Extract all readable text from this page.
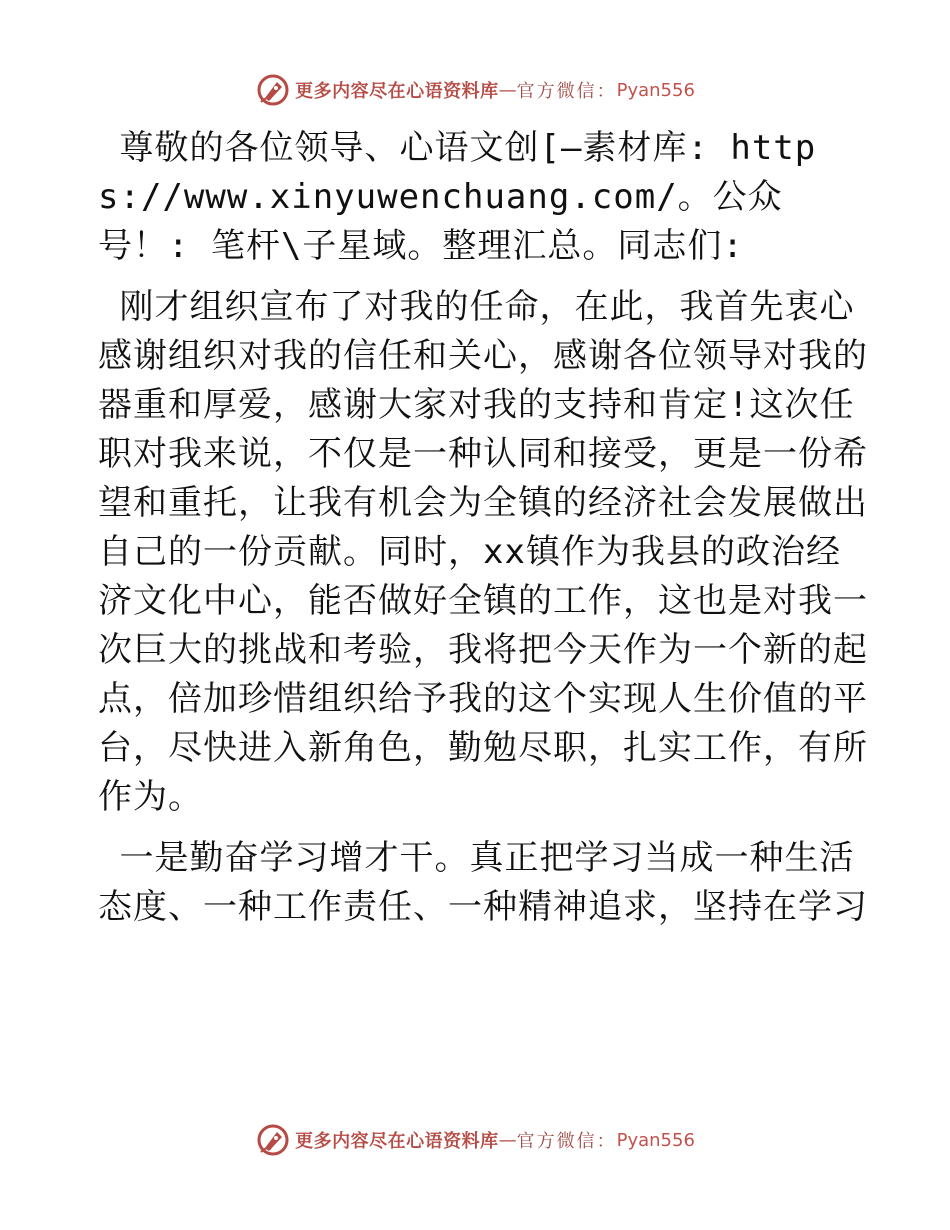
更多内容尽在心语资料库 — 官方微信： Pyan556

尊敬的各位领导、心语文创[—素材库: https://www.xinyuwenchuang.com/。公众号！: 笔杆\子星域。整理汇总。同志们:

刚才组织宣布了对我的任命，在此，我首先衷心感谢组织对我的信任和关心，感谢各位领导对我的器重和厚爱，感谢大家对我的支持和肯定!这次任职对我来说，不仅是一种认同和接受，更是一份希望和重托，让我有机会为全镇的经济社会发展做出自己的一份贡献。同时，xx镇作为我县的政治经济文化中心，能否做好全镇的工作，这也是对我一次巨大的挑战和考验，我将把今天作为一个新的起点，倍加珍惜组织给予我的这个实现人生价值的平台，尽快进入新角色，勤勉尽职，扎实工作，有所作为。

一是勤奋学习增才干。真正把学习当成一种生活态度、一种工作责任、一种精神追求，坚持在学习

更多内容尽在心语资料库 — 官方微信： Pyan556
